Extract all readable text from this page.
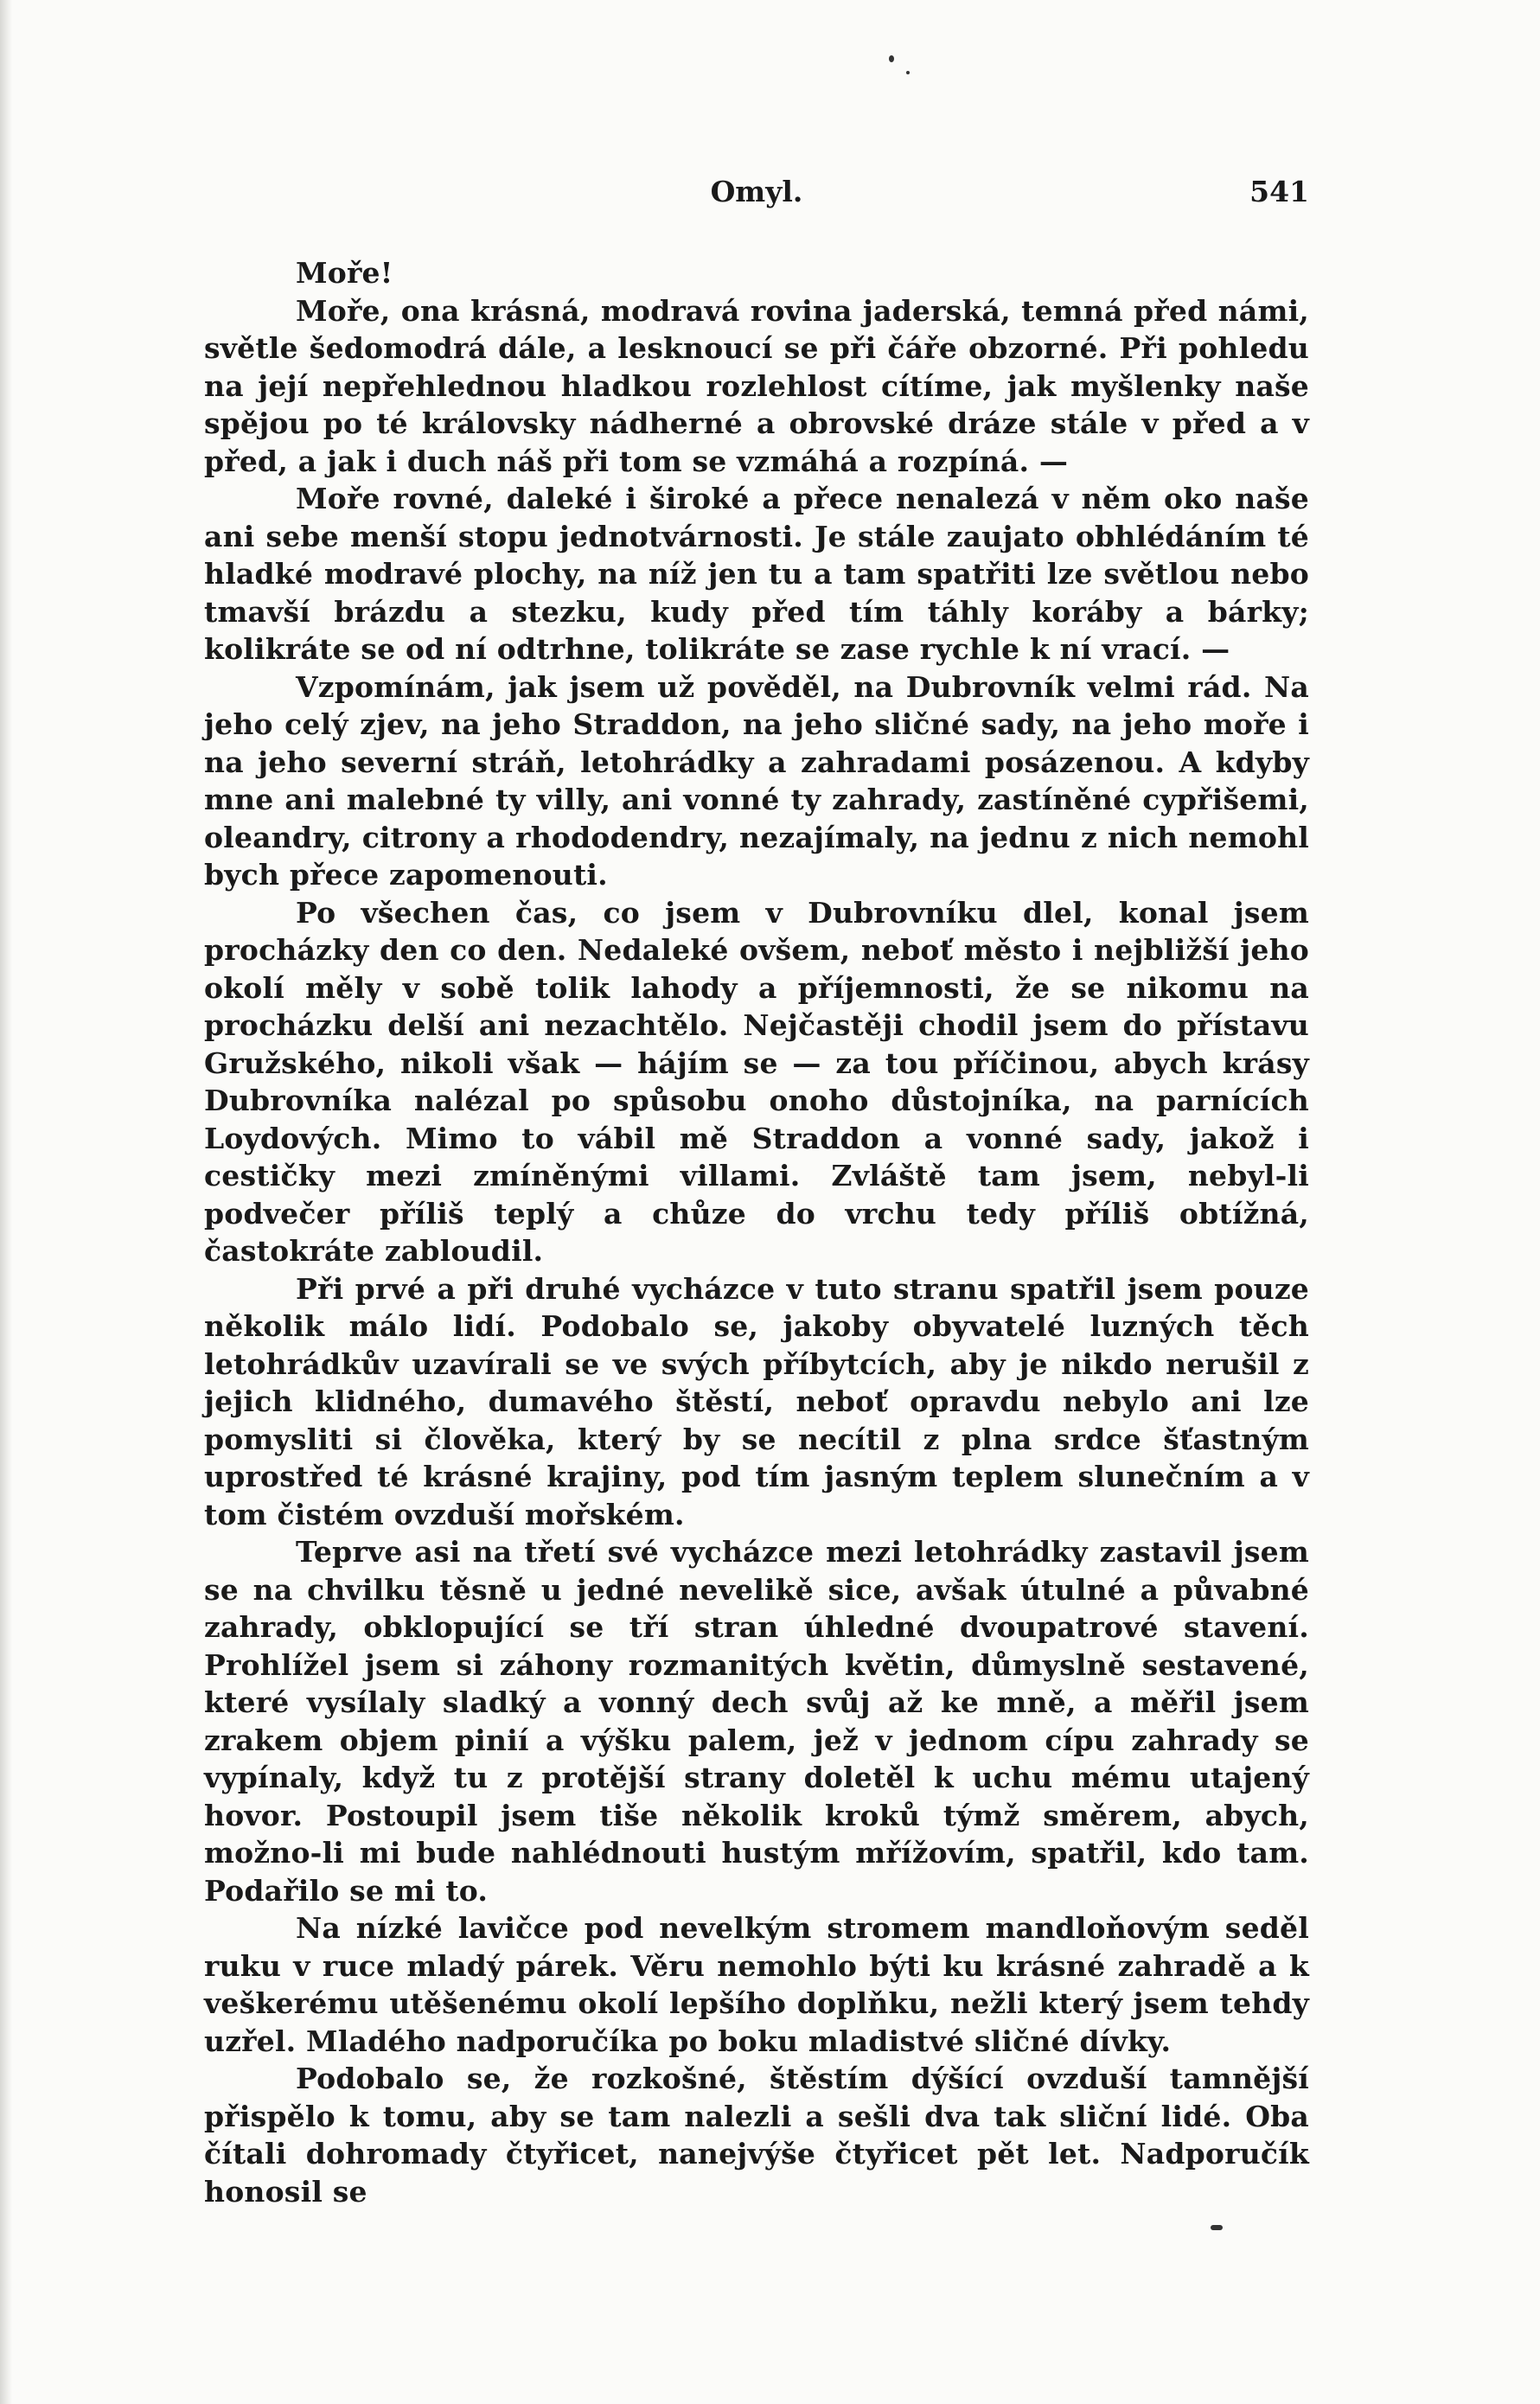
Omyl.	541

Moře!

Moře, ona krásná, modravá rovina jaderská, temná před námi, světle šedomodrá dále, a lesknoucí se při čáře obzorné. Při pohledu na její nepřehlednou hladkou rozlehlost cítíme, jak myšlenky naše spějou po té královsky nádherné a obrovské dráze stále v před a v před, a jak i duch náš při tom se vzmáhá a rozpíná. —

Moře rovné, daleké i široké a přece nenalezá v něm oko naše ani sebe menší stopu jednotvárnosti. Je stále zaujato obhlédáním té hladké modravé plochy, na níž jen tu a tam spatřiti lze světlou nebo tmavší brázdu a stezku, kudy před tím táhly koráby a bárky; kolikráte se od ní odtrhne, tolikráte se zase rychle k ní vrací. —

Vzpomínám, jak jsem už pověděl, na Dubrovník velmi rád. Na jeho celý zjev, na jeho Straddon, na jeho sličné sady, na jeho moře i na jeho severní stráň, letohrádky a zahradami posázenou. A kdyby mne ani malebné ty villy, ani vonné ty zahrady, zastíněné cypřišemi, oleandry, citrony a rhododendry, nezajímaly, na jednu z nich nemohl bych přece zapomenouti.

Po všechen čas, co jsem v Dubrovníku dlel, konal jsem procházky den co den. Nedaleké ovšem, neboť město i nejbližší jeho okolí měly v sobě tolik lahody a příjemnosti, že se nikomu na procházku delší ani nezachtělo. Nejčastěji chodil jsem do přístavu Gružského, nikoli však — hájím se — za tou příčinou, abych krásy Dubrovníka nalézal po spůsobu onoho důstojníka, na parnících Loydových. Mimo to vábil mě Straddon a vonné sady, jakož i cestičky mezi zmíněnými villami. Zvláště tam jsem, nebyl-li podvečer příliš teplý a chůze do vrchu tedy příliš obtížná, častokráte zabloudil.

Při prvé a při druhé vycházce v tuto stranu spatřil jsem pouze několik málo lidí. Podobalo se, jakoby obyvatelé luzných těch letohrádkův uzavírali se ve svých příbytcích, aby je nikdo nerušil z jejich klidného, dumavého štěstí, neboť opravdu nebylo ani lze pomysliti si člověka, který by se necítil z plna srdce šťastným uprostřed té krásné krajiny, pod tím jasným teplem slunečním a v tom čistém ovzduší mořském.

Teprve asi na třetí své vycházce mezi letohrádky zastavil jsem se na chvilku těsně u jedné nevelikě sice, avšak útulné a půvabné zahrady, obklopující se tří stran úhledné dvoupatrové stavení. Prohlížel jsem si záhony rozmanitých květin, důmyslně sestavené, které vysílaly sladký a vonný dech svůj až ke mně, a měřil jsem zrakem objem pinií a výšku palem, jež v jednom cípu zahrady se vypínaly, když tu z protější strany doletěl k uchu mému utajený hovor. Postoupil jsem tiše několik kroků týmž směrem, abych, možno-li mi bude nahlédnouti hustým mřížovím, spatřil, kdo tam. Podařilo se mi to.

Na nízké lavičce pod nevelkým stromem mandloňovým seděl ruku v ruce mladý párek. Věru nemohlo býti ku krásné zahradě a k veškerému utěšenému okolí lepšího doplňku, nežli který jsem tehdy uzřel. Mladého nadporučíka po boku mladistvé sličné dívky.

Podobalo se, že rozkošné, štěstím dýšící ovzduší tamnější přispělo k tomu, aby se tam nalezli a sešli dva tak sliční lidé. Oba čítali dohromady čtyřicet, nanejvýše čtyřicet pět let. Nadporučík honosil se
